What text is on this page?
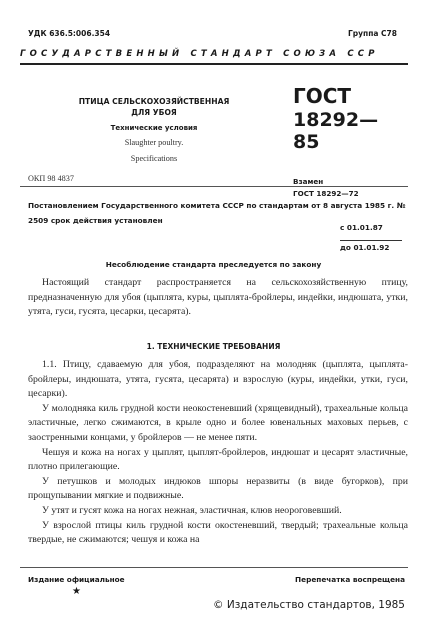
УДК 636.5:006.354	Группа С78
ГОСУДАРСТВЕННЫЙ СТАНДАРТ СОЮЗА ССР
ПТИЦА СЕЛЬСКОХОЗЯЙСТВЕННАЯ
ДЛЯ УБОЯ
Технические условия
Slaughter poultry.
Specifications
ГОСТ
18292—85
Взамен
ГОСТ 18292—72
ОКП 98 4837
Постановлением Государственного комитета СССР по стандартам от 8 августа 1985 г. № 2509 срок действия установлен
с 01.01.87
до 01.01.92
Несоблюдение стандарта преследуется по закону
Настоящий стандарт распространяется на сельскохозяйственную птицу, предназначенную для убоя (цыплята, куры, цыплята-бройлеры, индейки, индюшата, утки, утята, гуси, гусята, цесарки, цесарята).
1. ТЕХНИЧЕСКИЕ ТРЕБОВАНИЯ

1.1. Птицу, сдаваемую для убоя, подразделяют на молодняк (цыплята, цыплята-бройлеры, индюшата, утята, гусята, цесарята) и взрослую (куры, индейки, утки, гуси, цесарки).

У молодняка киль грудной кости неокостеневший (хрящевидный), трахеальные кольца эластичные, легко сжимаются, в крыле одно и более ювенальных маховых перьев, с заостренными концами, у бройлеров — не менее пяти.

Чешуя и кожа на ногах у цыплят, цыплят-бройлеров, индюшат и цесарят эластичные, плотно прилегающие.

У петушков и молодых индюков шпоры неразвиты (в виде бугорков), при прощупывании мягкие и подвижные.

У утят и гусят кожа на ногах нежная, эластичная, клюв неороговевший.

У взрослой птицы киль грудной кости окостеневший, твердый; трахеальные кольца твердые, не сжимаются; чешуя и кожа на

Издание официальное
★
Перепечатка воспрещена
© Издательство стандартов, 1985
